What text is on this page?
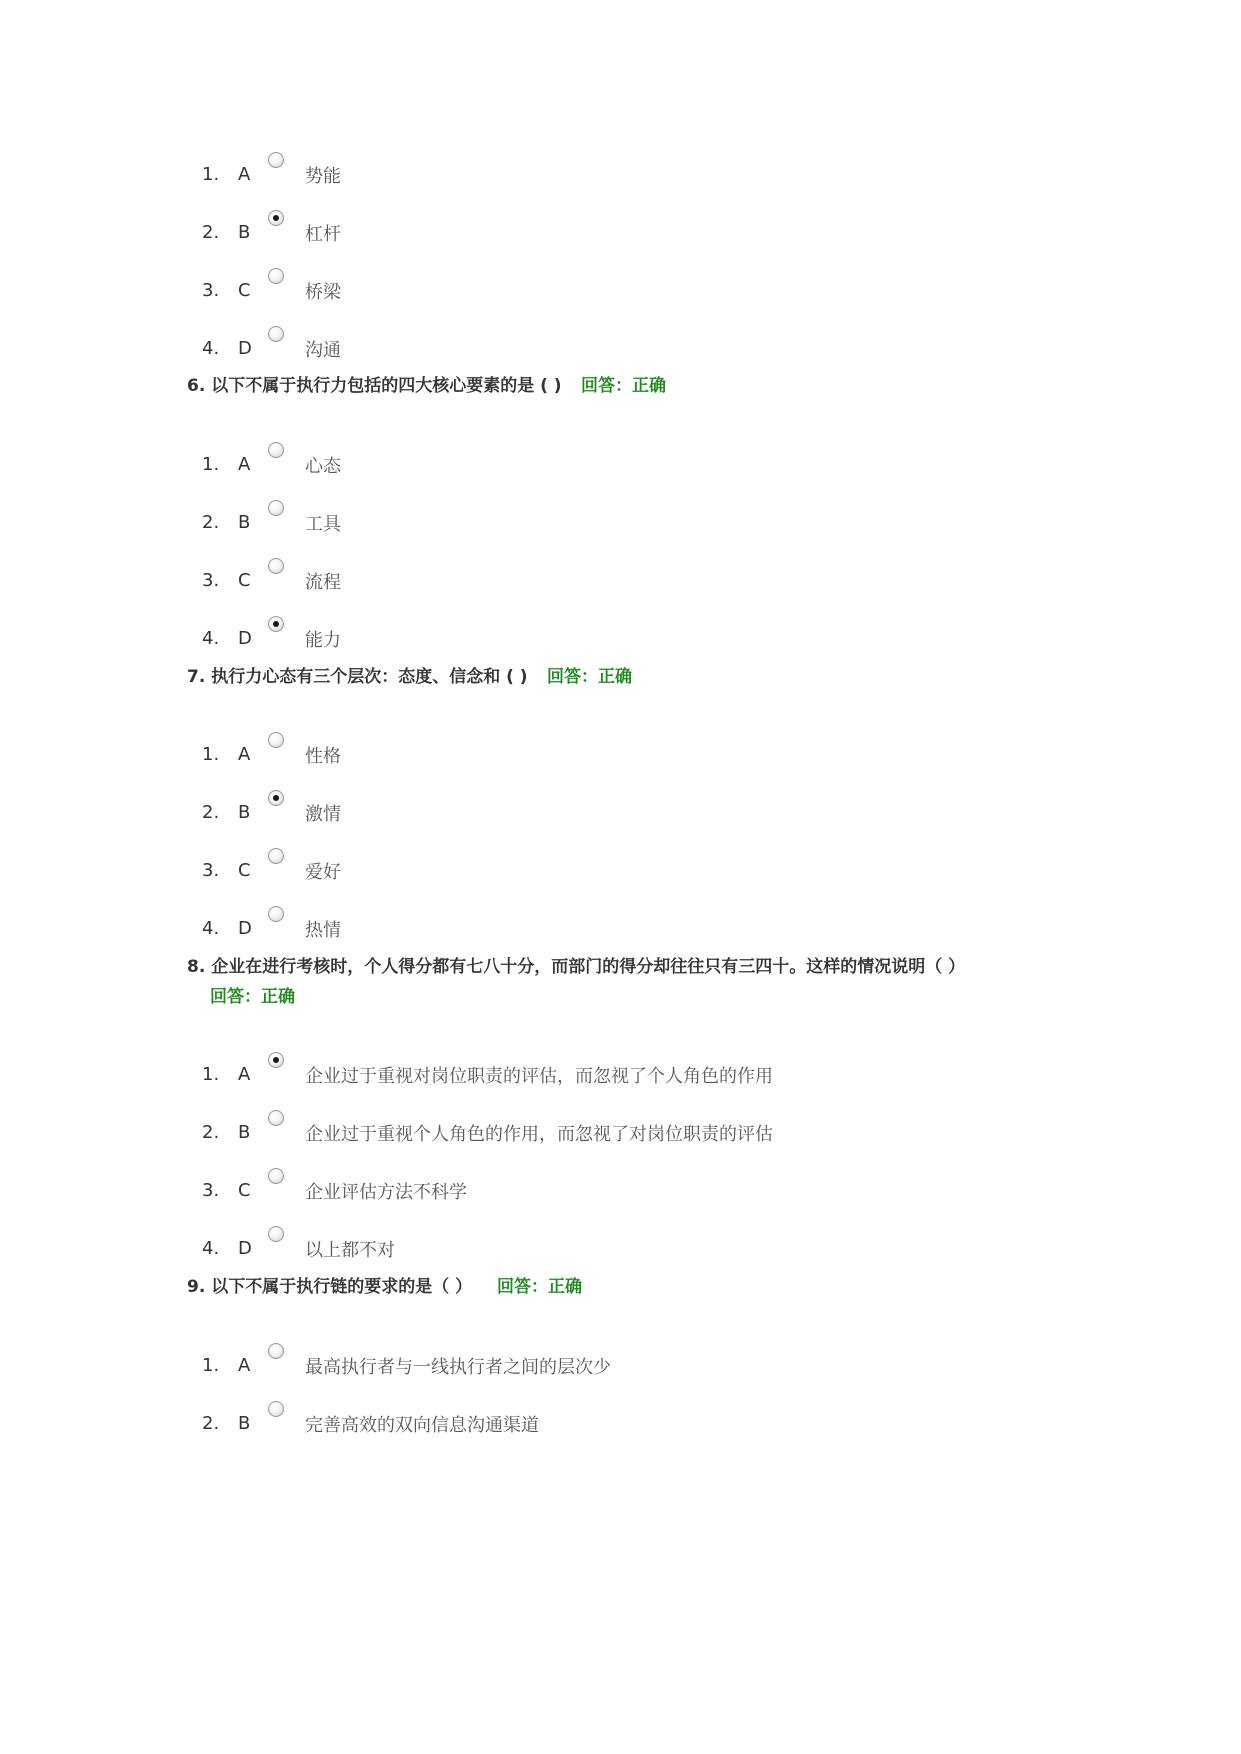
1. A	势能
2. B	杠杆
3. C	桥梁
4. D	沟通
6. 以下不属于执行力包括的四大核心要素的是 ( ) 回答：正确
1. A	心态
2. B	工具
3. C	流程
4. D	能力
7. 执行力心态有三个层次：态度、信念和 ( ) 回答：正确
1. A	性格
2. B	激情
3. C	爱好
4. D	热情
8. 企业在进行考核时，个人得分都有七八十分，而部门的得分却往往只有三四十。这样的情况说明（ ）
回答：正确
1. A	企业过于重视对岗位职责的评估，而忽视了个人角色的作用
2. B	企业过于重视个人角色的作用，而忽视了对岗位职责的评估
3. C	企业评估方法不科学
4. D	以上都不对
9. 以下不属于执行链的要求的是（ ） 回答：正确
1. A	最高执行者与一线执行者之间的层次少
2. B	完善高效的双向信息沟通渠道
